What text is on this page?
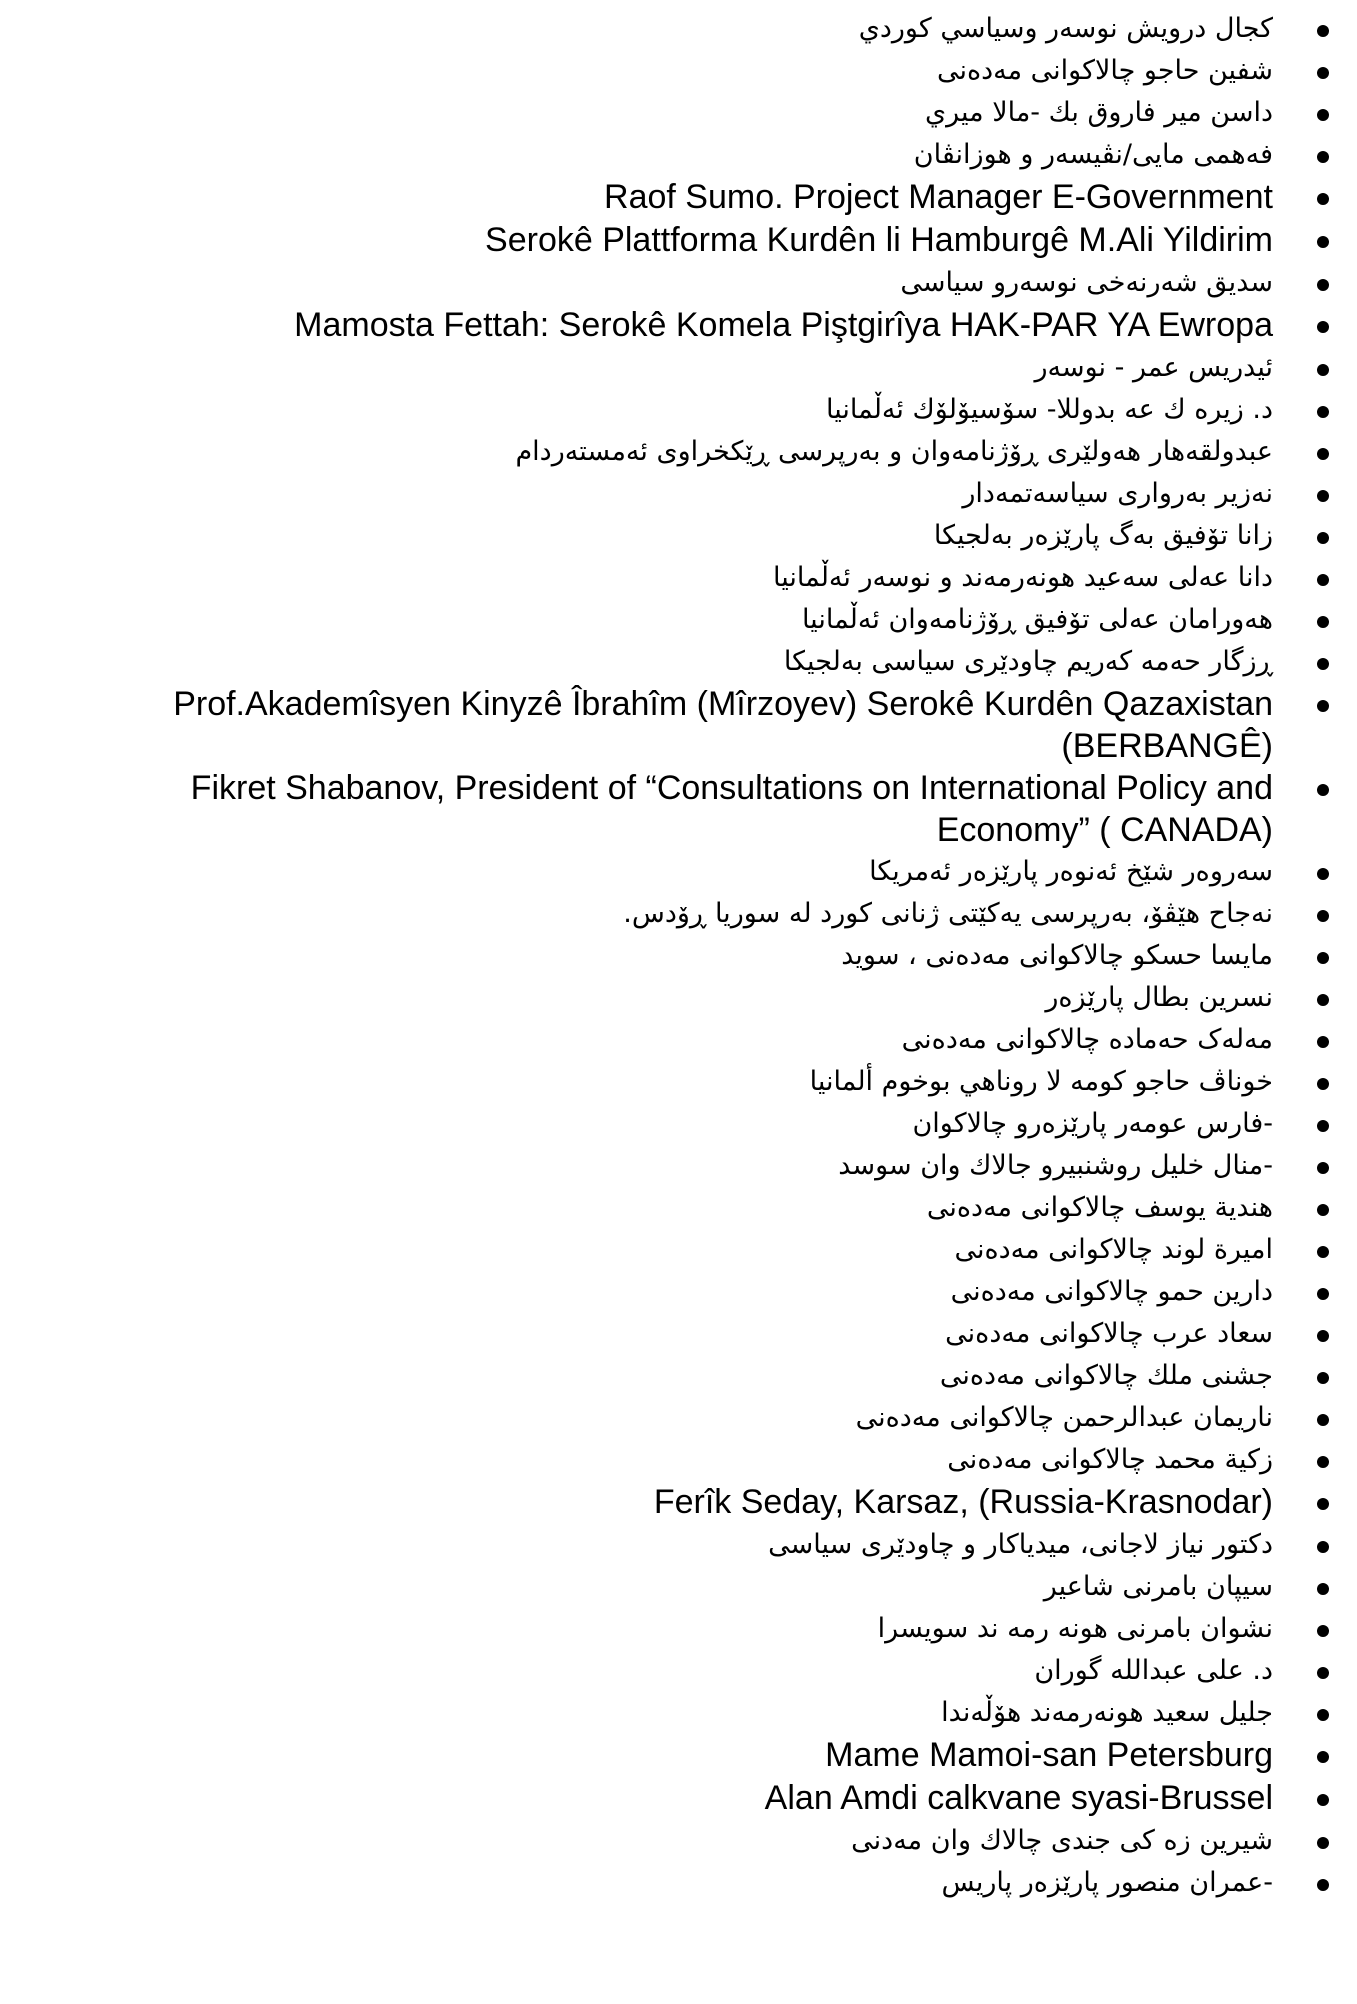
كجال درويش نوسەر وسياسي كوردي
شفين حاجو چالاکوانی مەدەنی
داسن مير فاروق بك -مالا ميري
فەهمی مایی/نڤیسەر و هوزانڤان
Raof Sumo. Project Manager E-Government
Serokê Plattforma Kurdên li Hamburgê M.Ali Yildirim
سدیق شەرنەخی نوسەرو سیاسی
Mamosta Fettah: Serokê Komela Piştgirîya HAK-PAR YA Ewropa
ئیدريس عمر - نوسەر
د. زيره ك عه بدوللا- سۆسیۆلۆك ئەڵمانیا
عبدولقەهار هەولێری ڕۆژنامەوان و بەرپرسی ڕێکخراوی ئەمستەردام
نەزیر بەرواری سیاسەتمەدار
زانا تۆفیق بەگ پارێزەر بەلجیکا
دانا عەلی سەعید هونەرمەند و نوسەر ئەڵمانیا
هەورامان عەلی تۆفیق ڕۆژنامەوان ئەڵمانیا
ڕزگار حەمە کەریم چاودێری سیاسی بەلجیکا
Prof.Akademîsyen Kinyzê Îbrahîm (Mîrzoyev) Serokê Kurdên Qazaxistan (BERBANGÊ)
Fikret Shabanov, President of “Consultations on International Policy and Economy” ( CANADA)
سەروەر شێخ ئەنوەر پارێزەر ئەمریکا
نەجاح هێڤۆ، بەرپرسی یەکێتی ژنانی کورد لە سوریا ڕۆدس.
مايسا حسكو چالاکوانی مەدەنی ، سويد
نسرين بطال پارێزەر
مەلەک حەمادە چالاکوانی مەدەنی
خوناڤ حاجو كومه لا روناهي بوخوم ألمانيا
-فارس عومەر پارێزەرو چالاکوان
-منال خليل روشنبيرو جالاك وان سوسد
هندية يوسف چالاکوانی مەدەنی
اميرة لوند چالاکوانی مەدەنی
دارين حمو چالاکوانی مەدەنی
سعاد عرب چالاکوانی مەدەنی
جشنى ملك چالاکوانی مەدەنی
ناريمان عبدالرحمن چالاکوانی مەدەنی
زكية محمد چالاکوانی مەدەنی
Ferîk Seday, Karsaz, (Russia-Krasnodar)
دکتور نیاز لاجانی، میدیاکار و چاودێری سیاسی
سيپان بامرنى شاعير
نشوان بامرنى هونه رمه ند سويسرا
د. على عبدالله گوران
جليل سعيد هونەرمەند هۆڵەندا
Mame Mamoi-san Petersburg
Alan Amdi calkvane syasi-Brussel
شيرين زه كى جندى چالاك وان مەدنی
-عمران منصور پارێزەر پاريس
